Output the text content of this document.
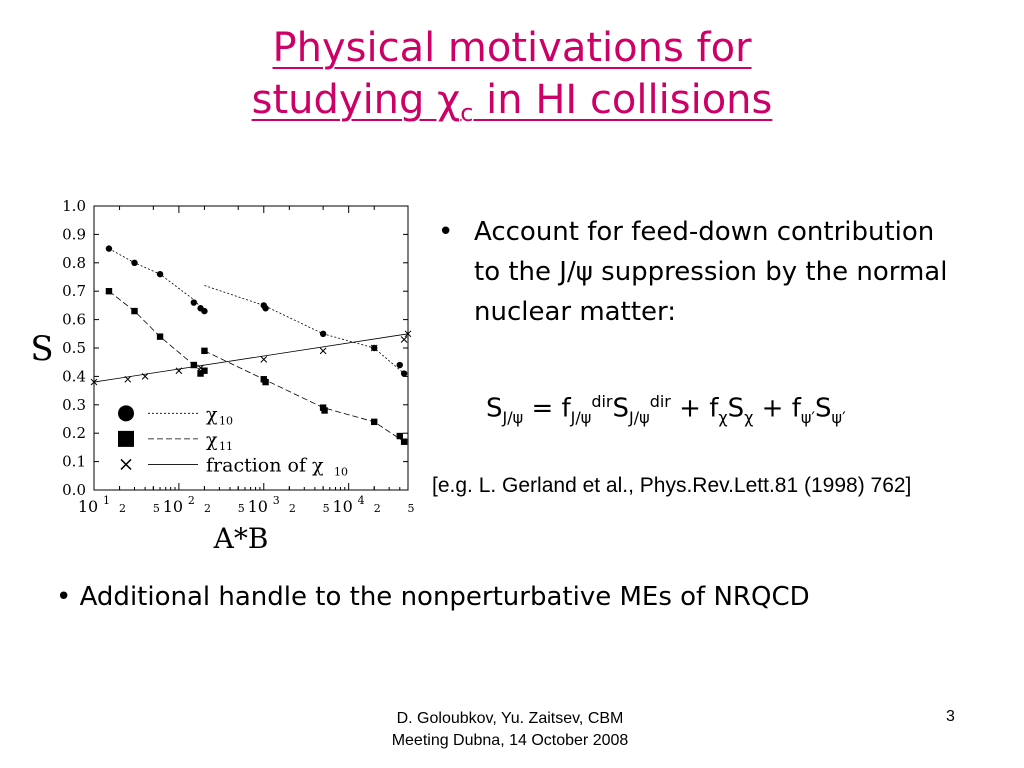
Physical motivations for
studying $\chi_c$ in HI collisions
0.0
0.1
0.2
0.3
0.4
0.5
0.6
0.7
0.8
0.9
1.0
10 1
2 5 10 2
2 5 10 3
2 5 10 4
2 5
A*B
S
χ 10
χ 11
fraction of χ 10
• Account for feed-down contribution to the J/ψ suppression by the normal
nuclear matter:
$S_{J/\psi} = f_{J/\psi}^{dir}S_{J/\psi}^{dir} + f_\chi S_\chi + f_{\psi'}S_{\psi'}$
[e.g. L. Gerland et al., Phys.Rev.Lett.81 (1998) 762]
• Additional handle to the nonperturbative MEs of NRQCD
D. Goloubkov, Yu. Zaitsev, CBM
Meeting Dubna, 14 October 2008
3
